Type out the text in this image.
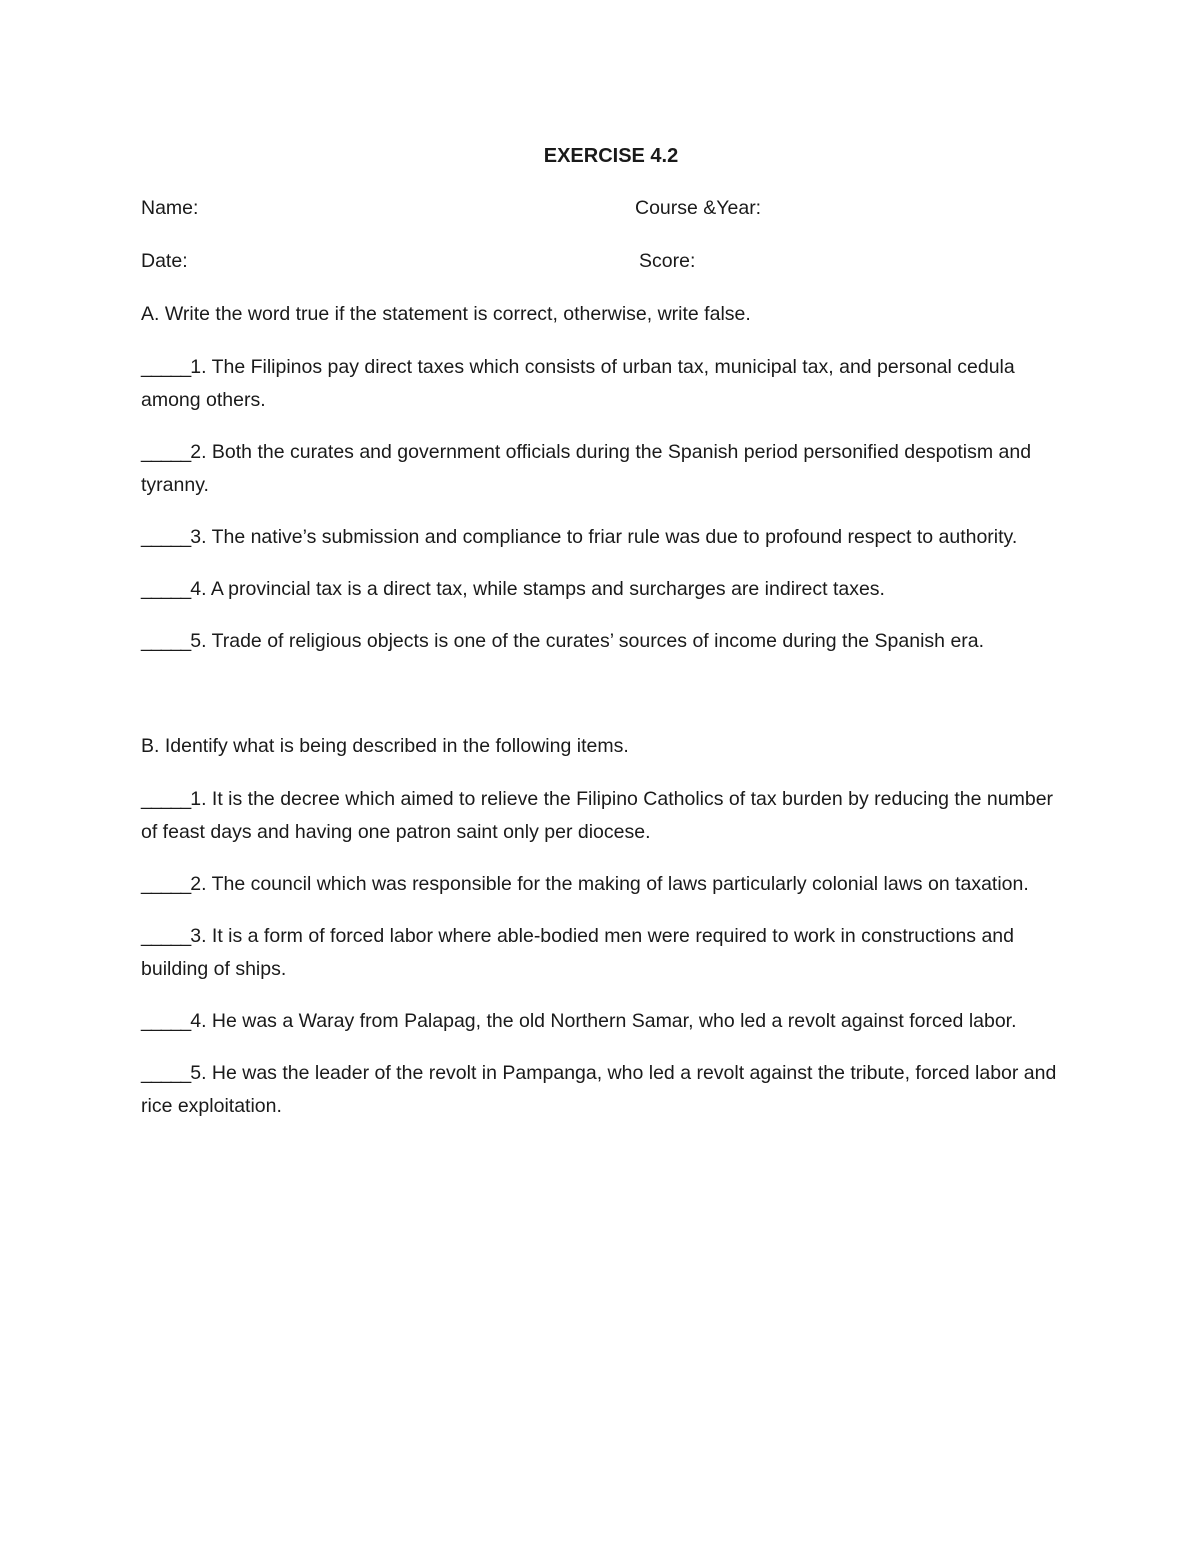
EXERCISE 4.2
Name:	Course &Year:
Date:	Score:
A. Write the word true if the statement is correct, otherwise, write false.
_____1. The Filipinos pay direct taxes which consists of urban tax, municipal tax, and personal cedula among others.
_____2. Both the curates and government officials during the Spanish period personified despotism and tyranny.
_____3. The native’s submission and compliance to friar rule was due to profound respect to authority.
_____4. A provincial tax is a direct tax, while stamps and surcharges are indirect taxes.
_____5. Trade of religious objects is one of the curates’ sources of income during the Spanish era.
B. Identify what is being described in the following items.
_____1. It is the decree which aimed to relieve the Filipino Catholics of tax burden by reducing the number of feast days and having one patron saint only per diocese.
_____2. The council which was responsible for the making of laws particularly colonial laws on taxation.
_____3. It is a form of forced labor where able-bodied men were required to work in constructions and building of ships.
_____4. He was a Waray from Palapag, the old Northern Samar, who led a revolt against forced labor.
_____5. He was the leader of the revolt in Pampanga, who led a revolt against the tribute, forced labor and rice exploitation.
